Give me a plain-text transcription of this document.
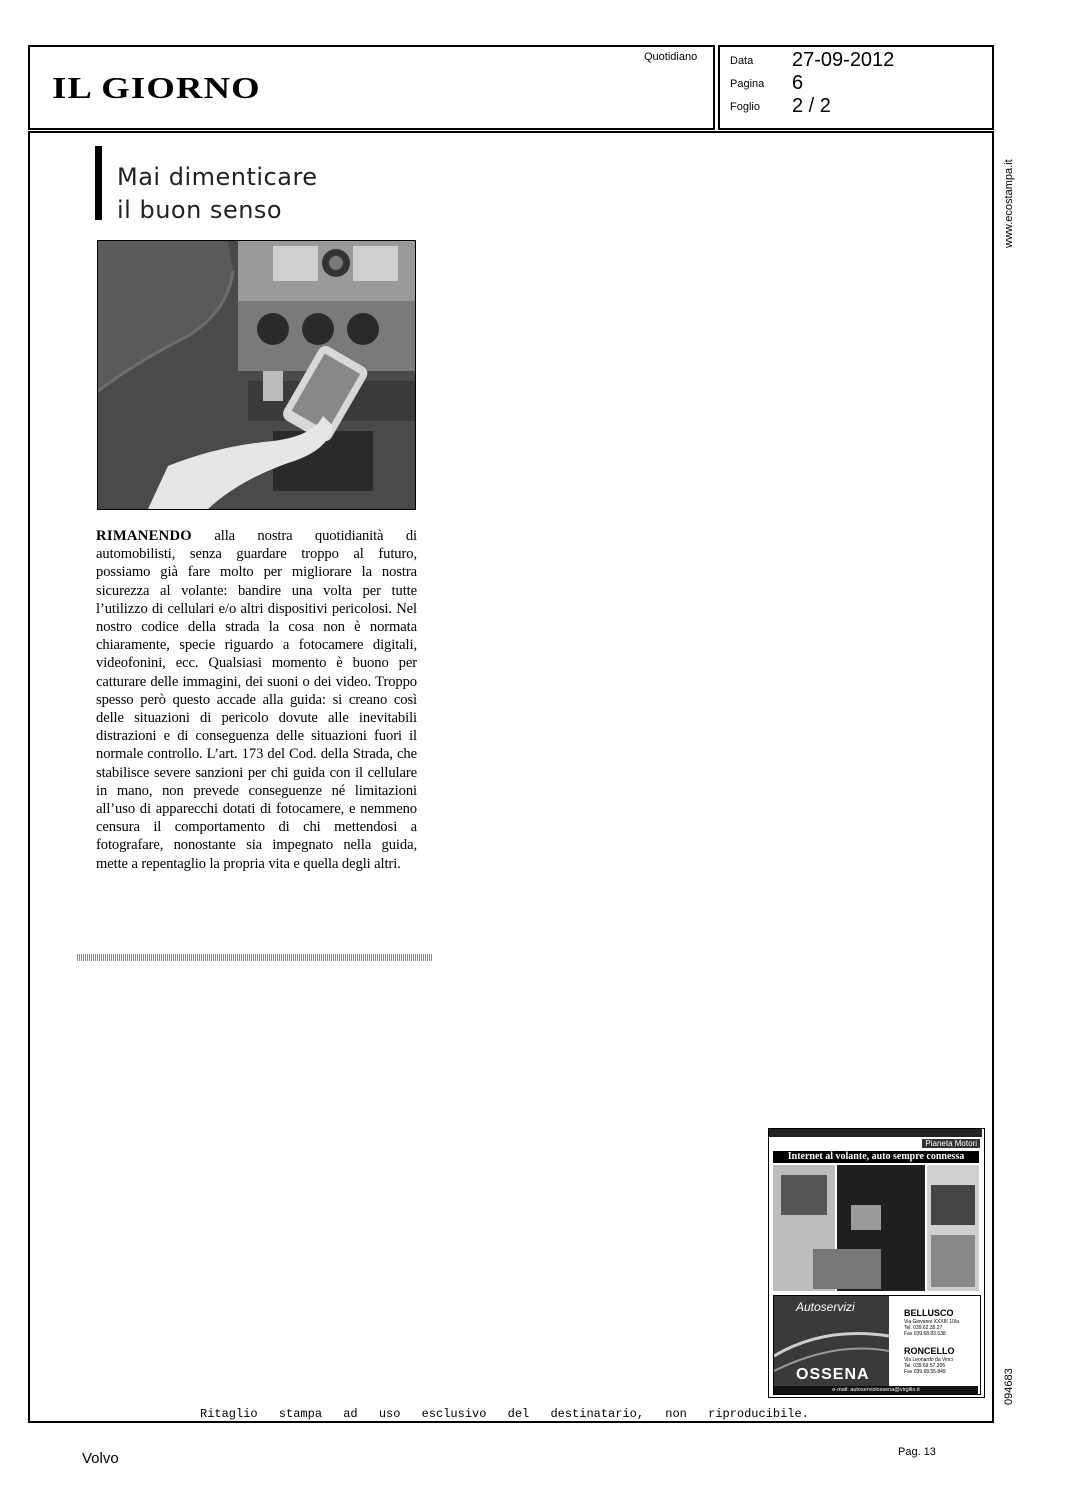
IL GIORNO
Quotidiano	Data 27-09-2012
Pagina 6
Foglio 2 / 2
www.ecostampa.it
094683
Mai dimenticare
il buon senso
RIMANENDO alla nostra quotidianità di automobilisti, senza guardare troppo al futuro, possiamo già fare molto per migliorare la nostra sicurezza al volante: bandire una volta per tutte l’utilizzo di cellulari e/o altri dispositivi pericolosi. Nel nostro codice della strada la cosa non è normata chiaramente, specie riguardo a fotocamere digitali, videofonini, ecc. Qualsiasi momento è buono per catturare delle immagini, dei suoni o dei video. Troppo spesso però questo accade alla guida: si creano così delle situazioni di pericolo dovute alle inevitabili distrazioni e di conseguenza delle situazioni fuori il normale controllo. L’art. 173 del Cod. della Strada, che stabilisce severe sanzioni per chi guida con il cellulare in mano, non prevede conseguenze né limitazioni all’uso di apparecchi dotati di fotocamere, e nemmeno censura il comportamento di chi mettendosi a fotografare, nonostante sia impegnato nella guida, mette a repentaglio la propria vita e quella degli altri.
Pianeta Motori
Internet al volante, auto sempre connessa
Autoservizi
OSSENA
BELLUSCO
Via Giovanni XXXIII 10/a
Tel. 039.62.35.27
Fax 039.68.83.638
RONCELLO
Via Leonardo da Vinci
Tel. 039.69.57.305
Fax 039.68.55.849
e-mail: autoserviziossena@virgilio.it
Ritaglio stampa ad uso esclusivo del destinatario, non riproducibile.
Volvo	Pag. 13
